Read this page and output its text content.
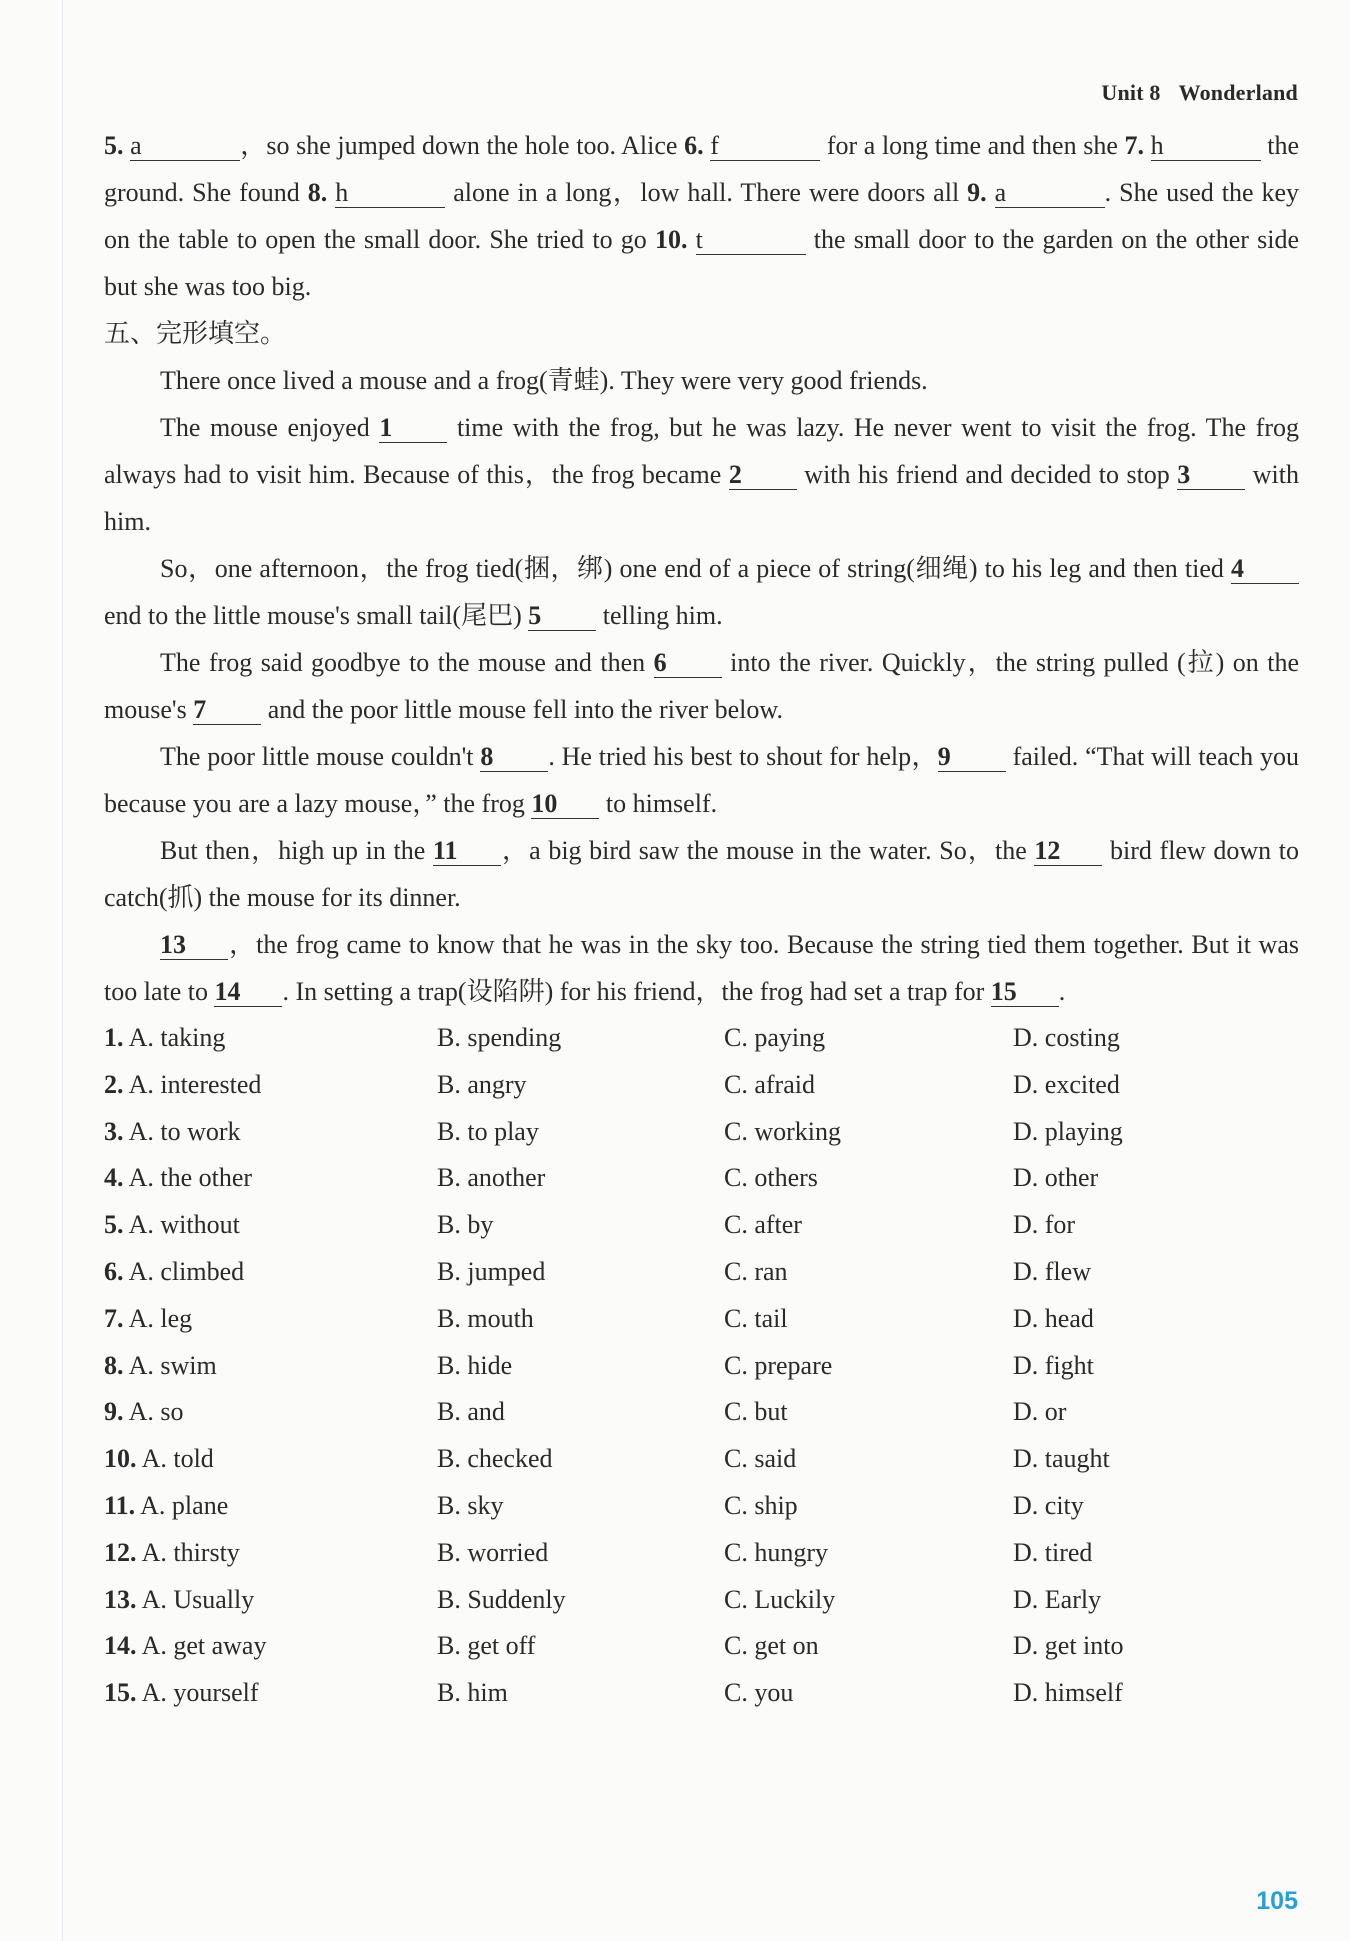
Unit 8 Wonderland
5. a	，so she jumped down the hole too. Alice 6. f	for a long time and then she 7. h	the ground. She found 8. h	alone in a long，low hall. There were doors all 9. a	. She used the key on the table to open the small door. She tried to go 10. t	the small door to the garden on the other side but she was too big.
五、完形填空。
There once lived a mouse and a frog(青蛙). They were very good friends.
The mouse enjoyed 1 time with the frog, but he was lazy. He never went to visit the frog. The frog always had to visit him. Because of this，the frog became 2 with his friend and decided to stop 3 with him.
So，one afternoon，the frog tied(捆，绑) one end of a piece of string(细绳) to his leg and then tied 4 end to the little mouse's small tail(尾巴) 5 telling him.
The frog said goodbye to the mouse and then 6 into the river. Quickly，the string pulled (拉) on the mouse's 7 and the poor little mouse fell into the river below.
The poor little mouse couldn't 8 . He tried his best to shout for help，9 failed. “That will teach you because you are a lazy mouse，” the frog 10 to himself.
But then，high up in the 11 ，a big bird saw the mouse in the water. So，the 12 bird flew down to catch(抓) the mouse for its dinner.
13 ，the frog came to know that he was in the sky too. Because the string tied them together. But it was too late to 14 . In setting a trap(设陷阱) for his friend，the frog had set a trap for 15 .
1. A. taking	B. spending	C. paying	D. costing
2. A. interested	B. angry	C. afraid	D. excited
3. A. to work	B. to play	C. working	D. playing
4. A. the other	B. another	C. others	D. other
5. A. without	B. by	C. after	D. for
6. A. climbed	B. jumped	C. ran	D. flew
7. A. leg	B. mouth	C. tail	D. head
8. A. swim	B. hide	C. prepare	D. fight
9. A. so	B. and	C. but	D. or
10. A. told	B. checked	C. said	D. taught
11. A. plane	B. sky	C. ship	D. city
12. A. thirsty	B. worried	C. hungry	D. tired
13. A. Usually	B. Suddenly	C. Luckily	D. Early
14. A. get away	B. get off	C. get on	D. get into
15. A. yourself	B. him	C. you	D. himself
105
